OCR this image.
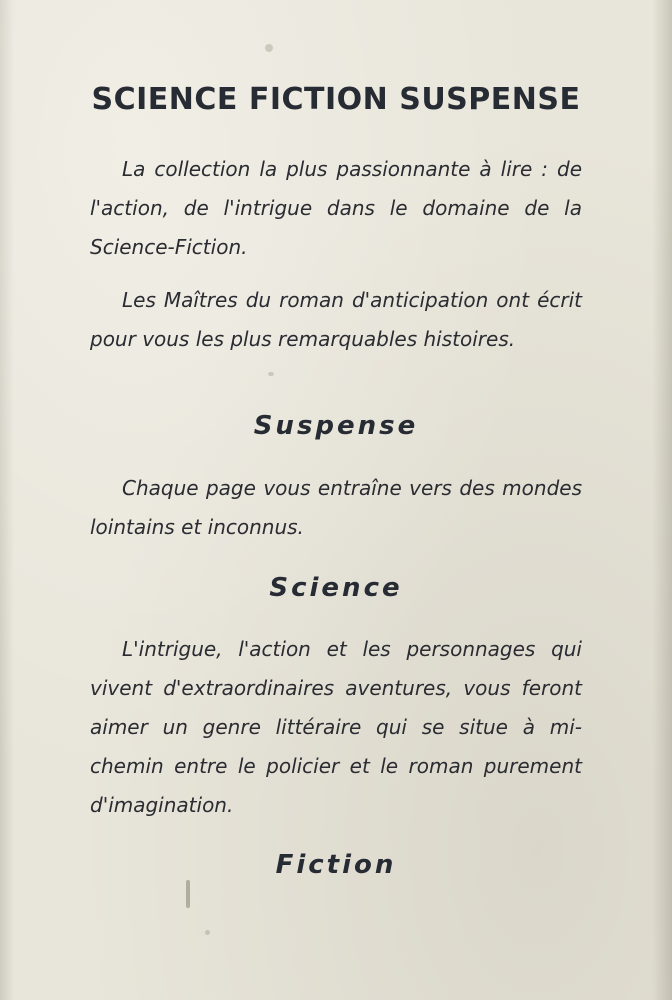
SCIENCE FICTION SUSPENSE

La collection la plus passionnante à lire : de l'action, de l'intrigue dans le domaine de la Science-Fiction.

Les Maîtres du roman d'anticipation ont écrit pour vous les plus remarquables histoires.

Suspense

Chaque page vous entraîne vers des mondes lointains et inconnus.

Science

L'intrigue, l'action et les personnages qui vivent d'extraordinaires aventures, vous feront aimer un genre littéraire qui se situe à mi-chemin entre le policier et le roman purement d'imagination.

Fiction
